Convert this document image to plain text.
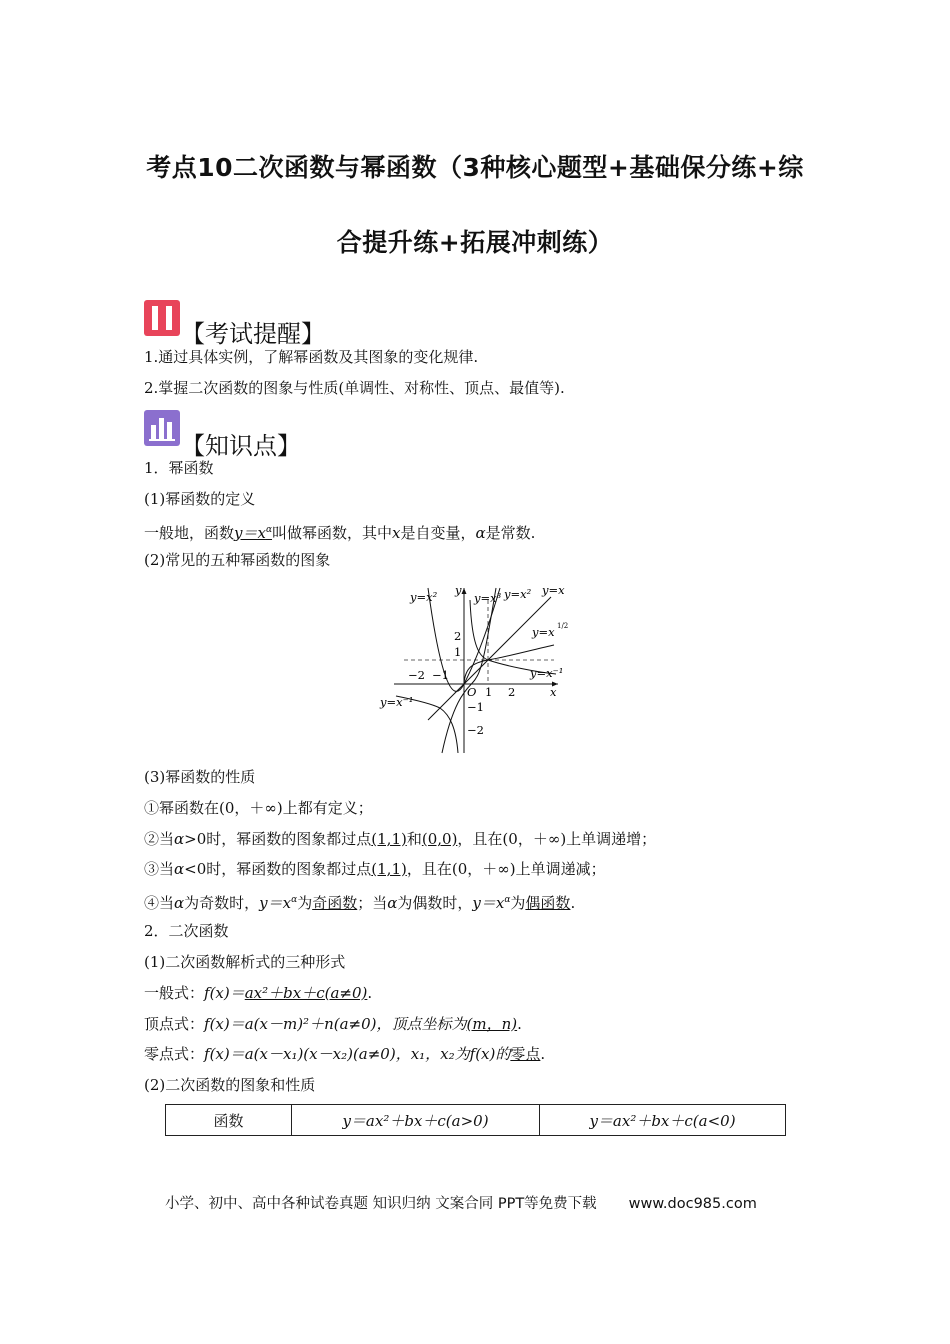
考点10二次函数与幂函数（3种核心题型+基础保分练+综
合提升练+拓展冲刺练）
【考试提醒】
1.通过具体实例，了解幂函数及其图象的变化规律.
2.掌握二次函数的图象与性质(单调性、对称性、顶点、最值等).
【知识点】
1．幂函数
(1)幂函数的定义
一般地，函数$y=x^\alpha$叫做幂函数，其中x是自变量，α是常数.
(2)常见的五种幂函数的图象
y=x² y
y=x³ y=x² y=x
y=x 1/2
y=x⁻¹
y=x⁻¹
x
O
−2 −1
1 2
2
1
−1
−2
(3)幂函数的性质
①幂函数在(0，＋∞)上都有定义；
②当α>0时，幂函数的图象都过点(1,1)和(0,0)，且在(0，＋∞)上单调递增；
③当α<0时，幂函数的图象都过点(1,1)，且在(0，＋∞)上单调递减；
④当α为奇数时，$y=x^\alpha$为奇函数；当α为偶数时，$y=x^\alpha$为偶函数.
2．二次函数
(1)二次函数解析式的三种形式
一般式：f(x)＝ax²＋bx＋c(a≠0).
顶点式：f(x)＝a(x－m)²＋n(a≠0)，顶点坐标为(m，n).
零点式：f(x)＝a(x－x₁)(x－x₂)(a≠0)，x₁，x₂为f(x)的零点.
(2)二次函数的图象和性质
函数	y＝ax²＋bx＋c(a>0)	y＝ax²＋bx＋c(a<0)
小学、初中、高中各种试卷真题 知识归纳 文案合同 PPT等免费下载 www.doc985.com
